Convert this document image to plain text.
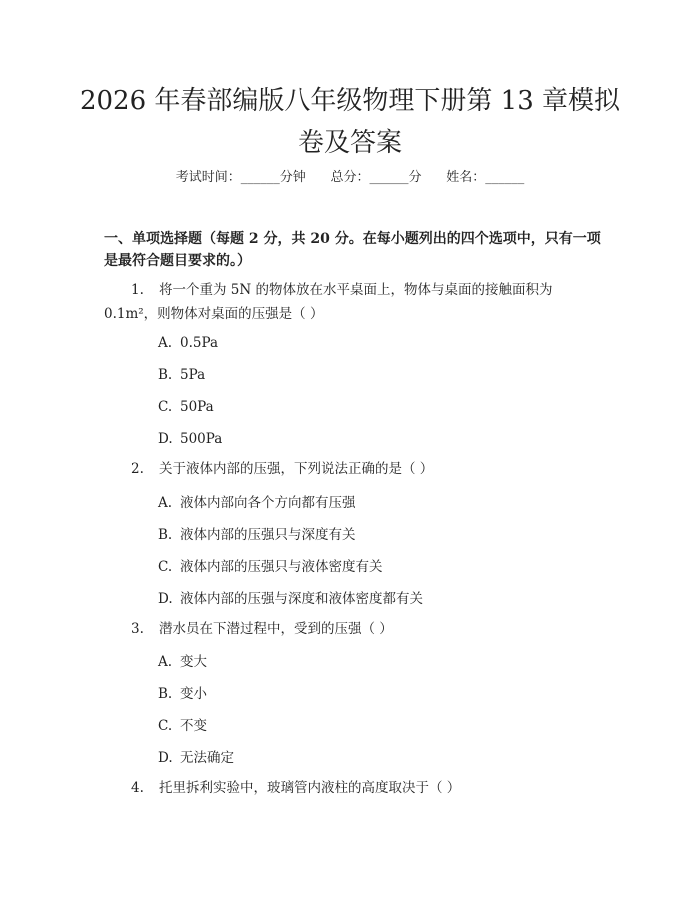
2026 年春部编版八年级物理下册第 13 章模拟卷及答案
考试时间：______分钟      总分：______分      姓名：______

一、单项选择题（每题 2 分，共 20 分。在每小题列出的四个选项中，只有一项是最符合题目要求的。）

1. 将一个重为 5N 的物体放在水平桌面上，物体与桌面的接触面积为 0.1m²，则物体对桌面的压强是（ ）

A. 0.5Pa
B. 5Pa
C. 50Pa
D. 500Pa

2. 关于液体内部的压强，下列说法正确的是（ ）

A. 液体内部向各个方向都有压强
B. 液体内部的压强只与深度有关
C. 液体内部的压强只与液体密度有关
D. 液体内部的压强与深度和液体密度都有关

3. 潜水员在下潜过程中，受到的压强（ ）

A. 变大
B. 变小
C. 不变
D. 无法确定

4. 托里拆利实验中，玻璃管内液柱的高度取决于（ ）
